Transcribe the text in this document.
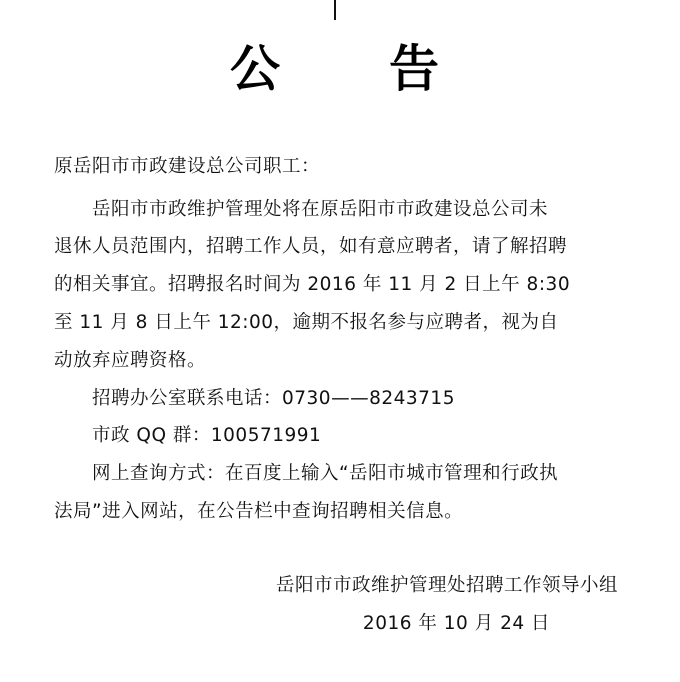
公 告
原岳阳市市政建设总公司职工：
岳阳市市政维护管理处将在原岳阳市市政建设总公司未
退休人员范围内，招聘工作人员，如有意应聘者，请了解招聘
的相关事宜。招聘报名时间为 2016 年 11 月 2 日上午 8:30
至 11 月 8 日上午 12:00，逾期不报名参与应聘者，视为自
动放弃应聘资格。
招聘办公室联系电话：0730——8243715
市政 QQ 群：100571991
网上查询方式：在百度上输入“岳阳市城市管理和行政执
法局”进入网站，在公告栏中查询招聘相关信息。
岳阳市市政维护管理处招聘工作领导小组
2016 年 10 月 24 日
